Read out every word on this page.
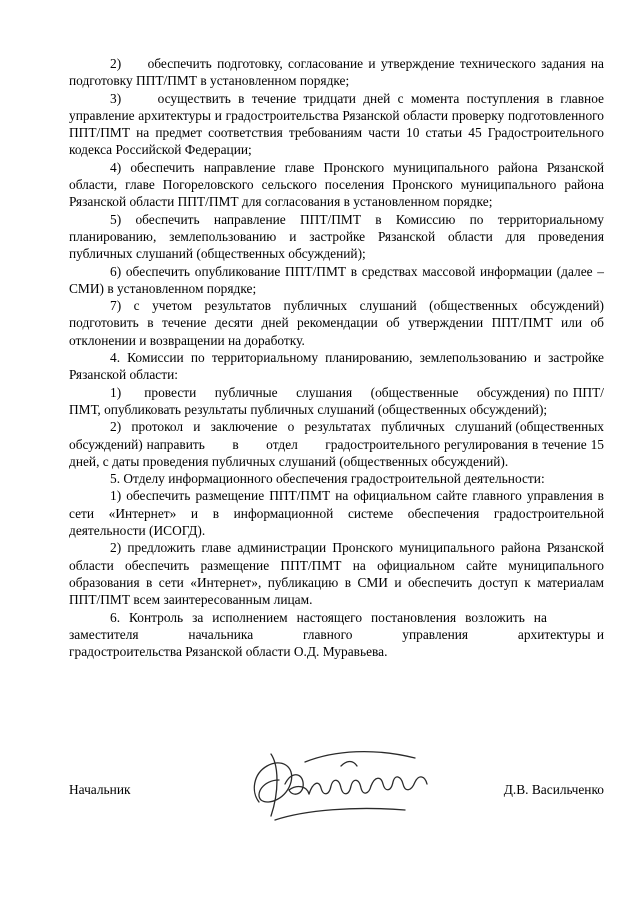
2)     обеспечить подготовку, согласование и утверждение технического задания на подготовку ППТ/ПМТ в установленном порядке;

3)     осуществить в течение тридцати дней с момента поступления в главное управление архитектуры и градостроительства Рязанской области проверку подготовленного ППТ/ПМТ на предмет соответствия требованиям части 10 статьи 45 Градостроительного кодекса Российской Федерации;

4) обеспечить направление главе Пронского муниципального района Рязанской области, главе Погореловского сельского поселения Пронского муниципального района Рязанской области ППТ/ПМТ для согласования в установленном порядке;

5) обеспечить направление ППТ/ПМТ в Комиссию по территориальному планированию, землепользованию и застройке Рязанской области для проведения публичных слушаний (общественных обсуждений);

6) обеспечить опубликование ППТ/ПМТ в средствах массовой информации (далее – СМИ) в установленном порядке;

7) с учетом результатов публичных слушаний (общественных обсуждений) подготовить в течение десяти дней рекомендации об утверждении ППТ/ПМТ или об отклонении и возвращении на доработку.

4. Комиссии по территориальному планированию, землепользованию и застройке Рязанской области:

1)     провести    публичные    слушания    (общественные    обсуждения) по ППТ/ПМТ, опубликовать результаты публичных слушаний (общественных обсуждений);

2)   протокол   и   заключение   о   результатах   публичных   слушаний (общественных обсуждений) направить       в       отдел       градостроительного регулирования в течение 15 дней, с даты проведения публичных слушаний (общественных обсуждений).

5. Отделу информационного обеспечения градостроительной деятельности:

1) обеспечить размещение ППТ/ПМТ на официальном сайте главного управления в сети «Интернет» и в информационной системе обеспечения градостроительной деятельности (ИСОГД).

2) предложить главе администрации Пронского муниципального района Рязанской области обеспечить размещение ППТ/ПМТ на официальном сайте муниципального образования в сети «Интернет», публикацию в СМИ и обеспечить доступ к материалам ППТ/ПМТ всем заинтересованным лицам.

6. Контроль за исполнением настоящего постановления возложить на        заместителя        начальника        главного        управления        архитектуры и градостроительства Рязанской области О.Д. Муравьева.

Начальник	Д.В. Васильченко
